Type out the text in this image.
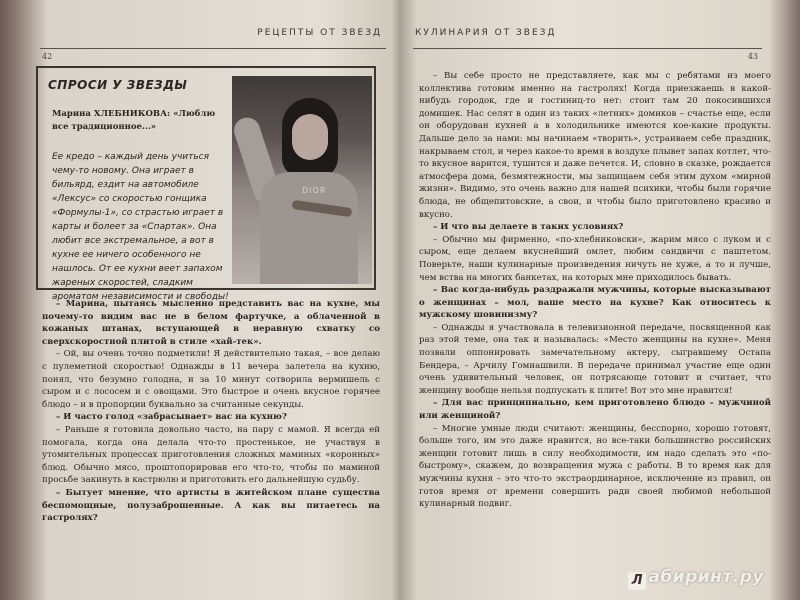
РЕЦЕПТЫ ОТ ЗВЕЗД
42
СПРОСИ У ЗВЕЗДЫ
Марина ХЛЕБНИКОВА: «Люблю все традиционное...»
Ее кредо – каждый день учиться чему-то новому. Она играет в бильярд, ездит на автомобиле «Лексус» со скоростью гонщика «Формулы-1», со страстью играет в карты и болеет за «Спартак». Она любит все экстремальное, а вот в кухне ее ничего особенного не нашлось. От ее кухни веет запахом жареных скоростей, сладким ароматом независимости и свободы!
DIOR

– Марина, пытаясь мысленно представить вас на кухне, мы почему-то видим вас не в белом фартучке, а облаченной в кожаных штанах, вступающей в неравную схватку со сверхскоростной плитой в стиле «хай-тек».

– Ой, вы очень точно подметили! Я действительно такая, – все делаю с пулеметной скоростью! Однажды в 11 вечера залетела на кухню, понял, что безумно голодна, и за 10 минут сотворила вермишель с сыром и с лососем и с овощами. Это быстрое и очень вкусное горячее блюдо – и в пропорции буквально за считанные секунды.

– И часто голод «забрасывает» вас на кухню?

– Раньше я готовила довольно часто, на пару с мамой. Я всегда ей помогала, когда она делала что-то простенькое, не участвуя в утомительных процессах приготовления сложных маминых «коронных» блюд. Обычно мясо, проштопорировав его что-то, чтобы по маминой просьбе закинуть в кастрюлю и приготовить его дальнейшую судьбу.

– Бытует мнение, что артисты в житейском плане существа беспомощные, полузаброшенные. А как вы питаетесь на гастролях?

КУЛИНАРИЯ ОТ ЗВЕЗД
43

– Вы себе просто не представляете, как мы с ребятами из моего коллектива готовим именно на гастролях! Когда приезжаешь в какой-нибудь городок, где и гостиниц-то нет: стоит там 20 покосившихся домишек. Нас селят в один из таких «летних» домиков – счастье еще, если он оборудован кухней а в холодильнике имеются кое-какие продукты. Дальше дело за нами: мы начинаем «творить», устраиваем себе праздник, накрываем стол, и через какое-то время в воздухе плывет запах котлет, что-то вкусное варится, тушится и даже печется. И, словно в сказке, рождается атмосфера дома, безмятежности, мы защищаем себя этим духом «мирной жизни». Видимо, это очень важно для нашей психики, чтобы были горячие блюда, не общепитовские, а свои, и чтобы было приготовлено красиво и вкусно.

– И что вы делаете в таких условиях?

– Обычно мы фирменно, «по-хлебниковски», жарим мясо с луком и с сыром, еще делаем вкуснейший омлет, любим сандвичи с паштетом. Поверьте, наши кулинарные произведения ничуть не хуже, а то и лучше, чем вства на многих банкетах, на которых мне приходилось бывать.

– Вас когда-нибудь раздражали мужчины, которые высказывают о женщинах – мол, ваше место на кухне? Как относитесь к мужскому шовинизму?

– Однажды я участвовала в телевизионной передаче, посвященной как раз этой теме, она так и называлась: «Место женщины на кухне». Меня позвали оппонировать замечательному актеру, сыгравшему Остапа Бендера, – Арчилу Гомиашвили. В передаче принимал участие еще один очень удивительный человек, он потрясающе готовит и считает, что женщину вообще нельзя подпускать к плите! Вот это мне нравится!

– Для вас принципиально, кем приготовлено блюдо – мужчиной или женщиной?

– Многие умные люди считают: женщины, бесспорно, хорошо готовят, больше того, им это даже нравится, но все-таки большинство российских женщин готовит лишь в силу необходимости, им надо сделать это «по-быстрому», скажем, до возвращения мужа с работы. В то время как для мужчины кухня – это что-то экстраординарное, исключение из правил, он готов время от времени совершить ради своей любимой небольшой кулинарный подвиг.

Л абиринт.ру
